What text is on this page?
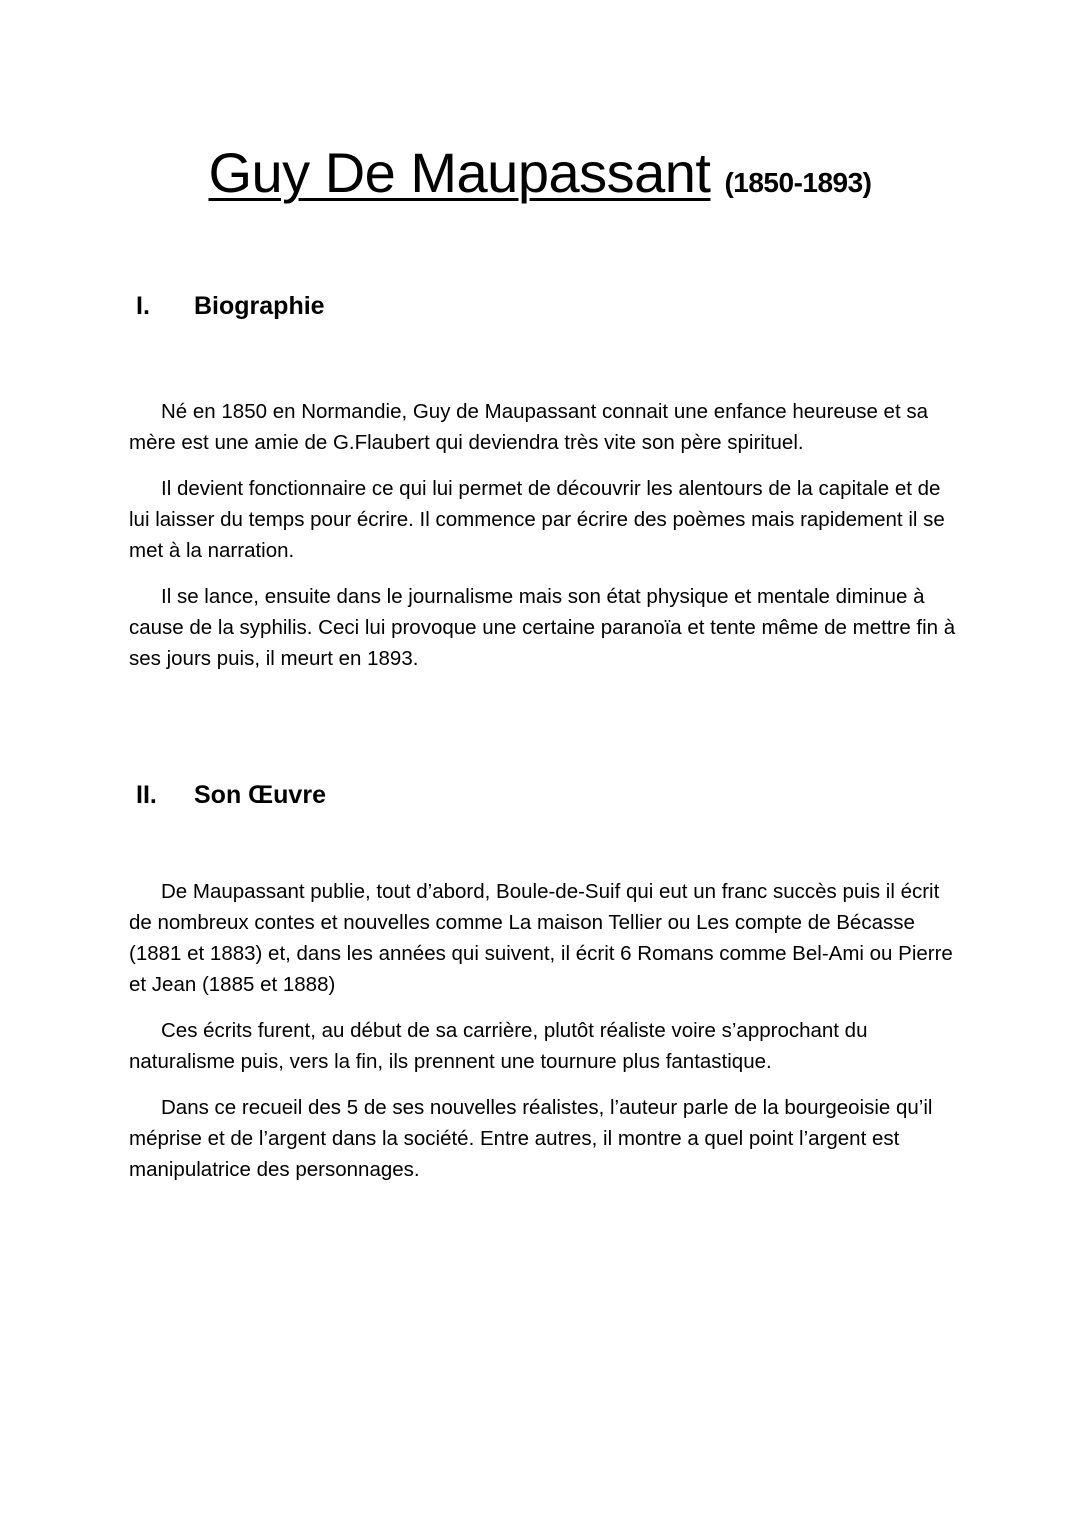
Guy De Maupassant (1850-1893)
I. Biographie

Né en 1850 en Normandie, Guy de Maupassant connait une enfance heureuse et sa mère est une amie de G.Flaubert qui deviendra très vite son père spirituel.

Il devient fonctionnaire ce qui lui permet de découvrir les alentours de la capitale et de lui laisser du temps pour écrire. Il commence par écrire des poèmes mais rapidement il se met à la narration.

Il se lance, ensuite dans le journalisme mais son état physique et mentale diminue à cause de la syphilis. Ceci lui provoque une certaine paranoïa et tente même de mettre fin à ses jours puis, il meurt en 1893.

II. Son Œuvre

De Maupassant publie, tout d’abord, Boule-de-Suif qui eut un franc succès puis il écrit de nombreux contes et nouvelles comme La maison Tellier ou Les compte de Bécasse (1881 et 1883) et, dans les années qui suivent, il écrit 6 Romans comme Bel-Ami ou Pierre et Jean (1885 et 1888)

Ces écrits furent, au début de sa carrière, plutôt réaliste voire s’approchant du naturalisme puis, vers la fin, ils prennent une tournure plus fantastique.

Dans ce recueil des 5 de ses nouvelles réalistes, l’auteur parle de la bourgeoisie qu’il méprise et de l’argent dans la société. Entre autres, il montre a quel point l’argent est manipulatrice des personnages.
